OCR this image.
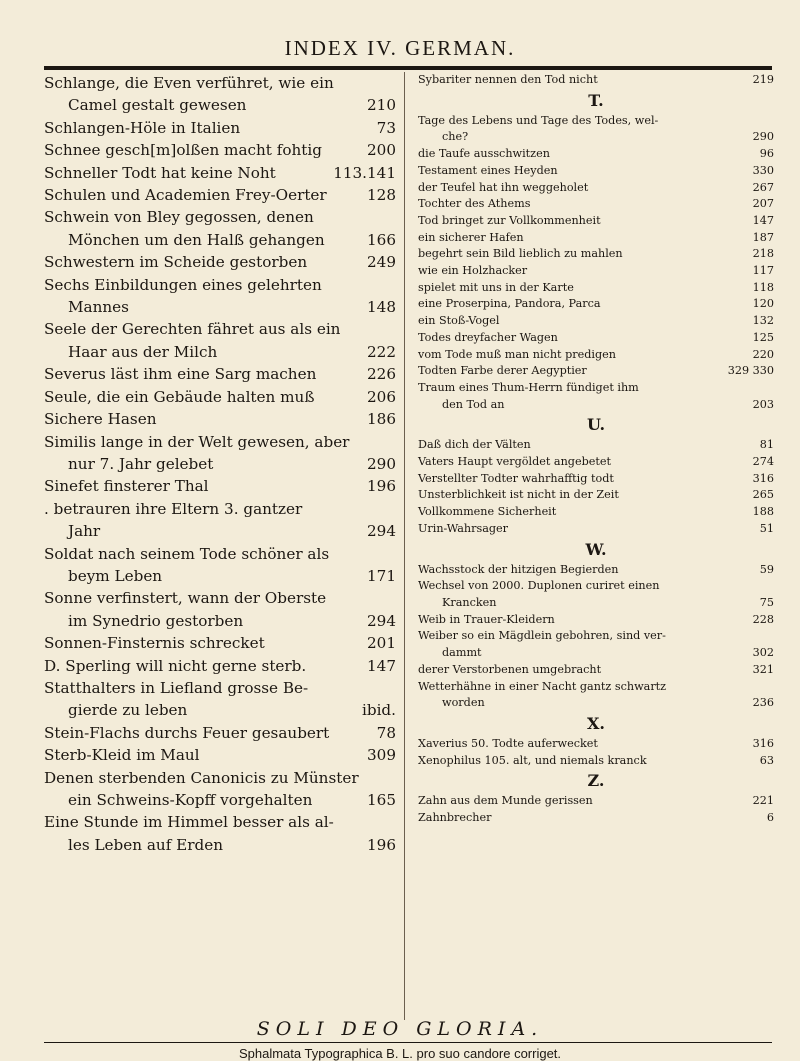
INDEX IV. GERMAN.
Schlange, die Even verführet, wie ein
Camel gestalt gewesen	210
Schlangen-Höle in Italien	73
Schnee gesch[m]olßen macht fohtig	200
Schneller Todt hat keine Noht	113.141
Schulen und Academien Frey-Oerter	128
Schwein von Bley gegossen, denen
Mönchen um den Halß gehangen	166
Schwestern im Scheide gestorben	249
Sechs Einbildungen eines gelehrten
Mannes	148
Seele der Gerechten fähret aus als ein
Haar aus der Milch	222
Severus läst ihm eine Sarg machen	226
Seule, die ein Gebäude halten muß	206
Sichere Hasen	186
Similis lange in der Welt gewesen, aber
nur 7. Jahr gelebet	290
Sinefet finsterer Thal	196
. betrauren ihre Eltern 3. gantzer
Jahr	294
Soldat nach seinem Tode schöner als
beym Leben	171
Sonne verfinstert, wann der Oberste
im Synedrio gestorben	294
Sonnen-Finsternis schrecket	201
D. Sperling will nicht gerne sterb.	147
Statthalters in Liefland grosse Be-
gierde zu leben	ibid.
Stein-Flachs durchs Feuer gesaubert	78
Sterb-Kleid im Maul	309
Denen sterbenden Canonicis zu Münster
ein Schweins-Kopff vorgehalten	165
Eine Stunde im Himmel besser als al-
les Leben auf Erden	196
Sybariter nennen den Tod nicht	219
T.
Tage des Lebens und Tage des Todes, wel-
che?	290
die Taufe ausschwitzen	96
Testament eines Heyden	330
der Teufel hat ihn weggeholet	267
Tochter des Athems	207
Tod bringet zur Vollkommenheit	147
ein sicherer Hafen	187
begehrt sein Bild lieblich zu mahlen	218
wie ein Holzhacker	117
spielet mit uns in der Karte	118
eine Proserpina, Pandora, Parca	120
ein Stoß-Vogel	132
Todes dreyfacher Wagen	125
vom Tode muß man nicht predigen	220
Todten Farbe derer Aegyptier	329 330
Traum eines Thum-Herrn fündiget ihm
den Tod an	203
U.
Daß dich der Välten	81
Vaters Haupt vergöldet angebetet	274
Verstellter Todter wahrhafftig todt	316
Unsterblichkeit ist nicht in der Zeit	265
Vollkommene Sicherheit	188
Urin-Wahrsager	51
W.
Wachsstock der hitzigen Begierden	59
Wechsel von 2000. Duplonen curiret einen
Krancken	75
Weib in Trauer-Kleidern	228
Weiber so ein Mägdlein gebohren, sind ver-
dammt	302
derer Verstorbenen umgebracht	321
Wetterhähne in einer Nacht gantz schwartz
worden	236
X.
Xaverius 50. Todte auferwecket	316
Xenophilus 105. alt, und niemals kranck	63
Z.
Zahn aus dem Munde gerissen	221
Zahnbrecher	6
SOLI DEO GLORIA.
Sphalmata Typographica B. L. pro suo candore corriget.
